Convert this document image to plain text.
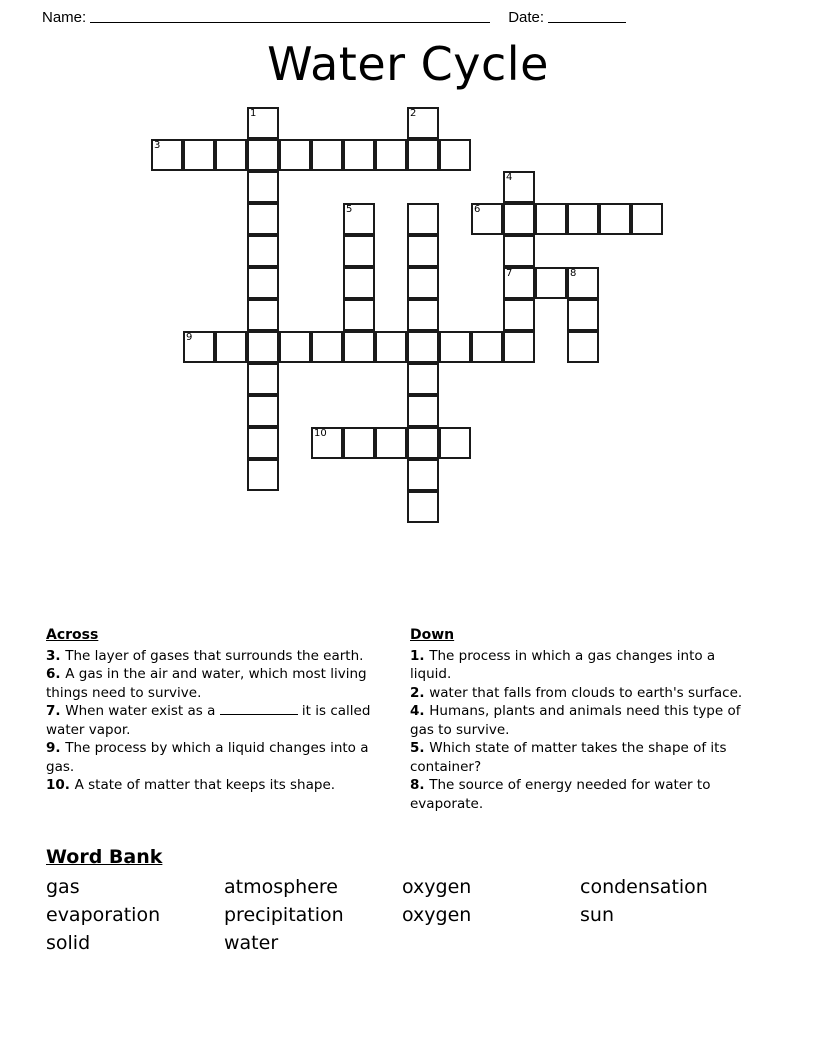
Name:	Date:
Water Cycle
1	2
3
4
5	6
7	8
9
10
Across
3. The layer of gases that surrounds the earth.
6. A gas in the air and water, which most living things need to survive.
7. When water exist as a	it is called water vapor.
9. The process by which a liquid changes into a gas.
10. A state of matter that keeps its shape.
Down
1. The process in which a gas changes into a liquid.
2. water that falls from clouds to earth's surface.
4. Humans, plants and animals need this type of gas to survive.
5. Which state of matter takes the shape of its container?
8. The source of energy needed for water to evaporate.
Word Bank
gas	atmosphere	oxygen	condensation
evaporation	precipitation	oxygen	sun
solid	water
